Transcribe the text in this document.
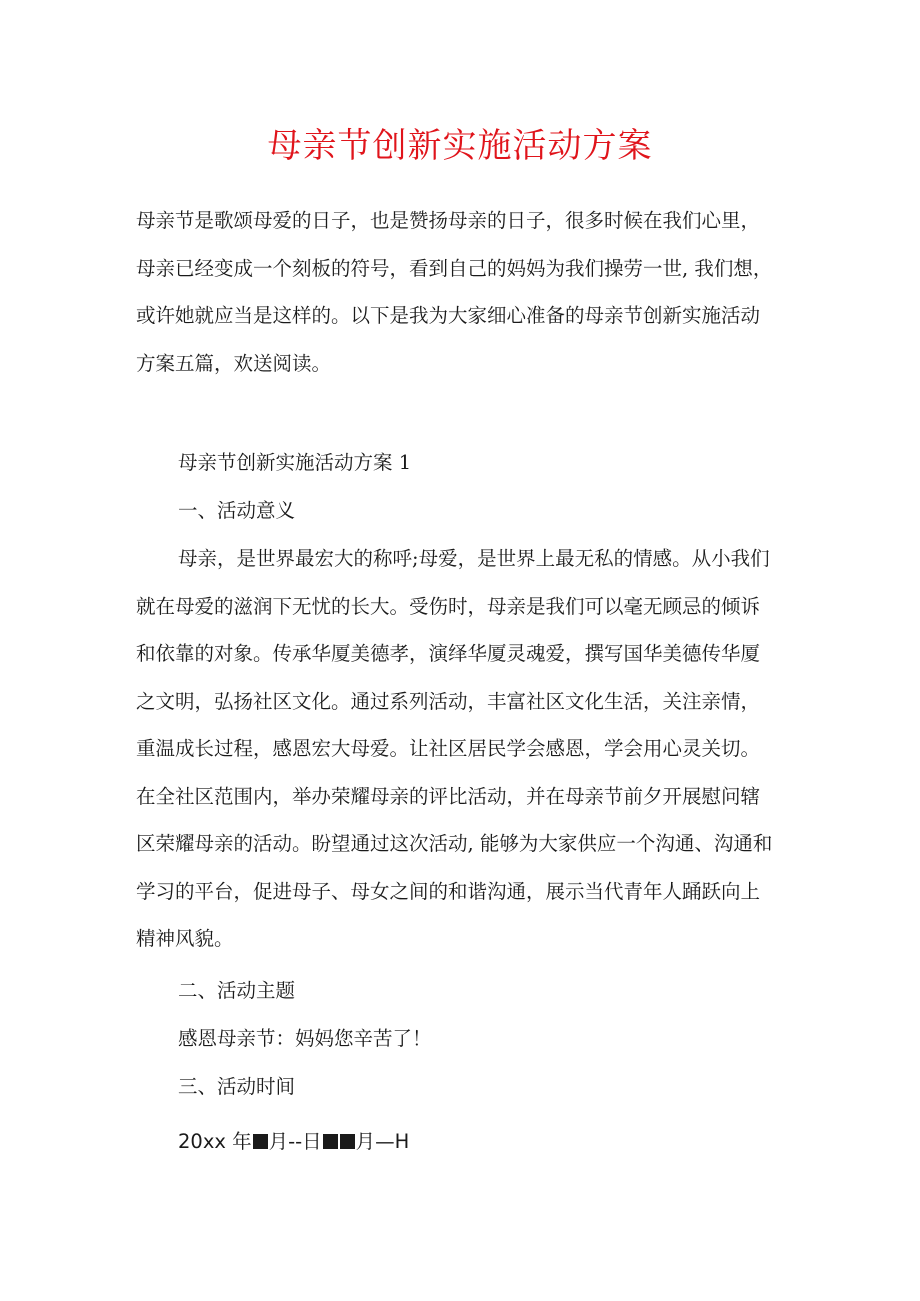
母亲节创新实施活动方案
母亲节是歌颂母爱的日子，也是赞扬母亲的日子，很多时候在我们心里，
母亲已经变成一个刻板的符号，看到自己的妈妈为我们操劳一世, 我们想，
或许她就应当是这样的。以下是我为大家细心准备的母亲节创新实施活动
方案五篇，欢送阅读。
母亲节创新实施活动方案 1
一、活动意义
母亲，是世界最宏大的称呼;母爱，是世界上最无私的情感。从小我们
就在母爱的滋润下无忧的长大。受伤时，母亲是我们可以毫无顾忌的倾诉
和依靠的对象。传承华厦美德孝，演绎华厦灵魂爱，撰写国华美德传华厦
之文明，弘扬社区文化。通过系列活动，丰富社区文化生活，关注亲情，
重温成长过程，感恩宏大母爱。让社区居民学会感恩，学会用心灵关切。
在全社区范围内，举办荣耀母亲的评比活动，并在母亲节前夕开展慰问辖
区荣耀母亲的活动。盼望通过这次活动, 能够为大家供应一个沟通、沟通和
学习的平台，促进母子、母女之间的和谐沟通，展示当代青年人踊跃向上
精神风貌。
二、活动主题
感恩母亲节：妈妈您辛苦了！
三、活动时间
20xx 年 月--日 月—H
